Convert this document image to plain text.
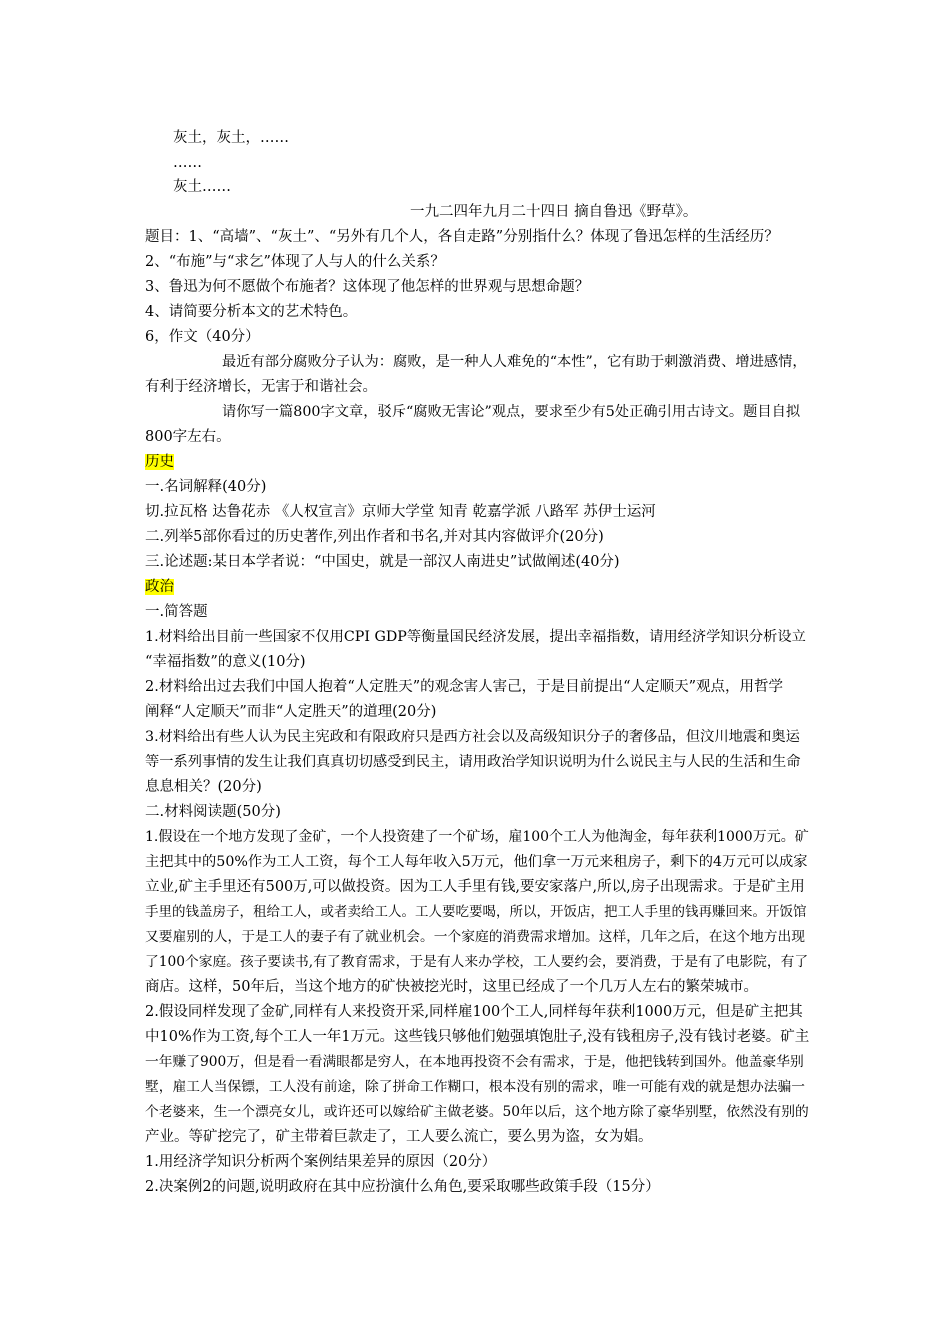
灰土，灰土，……

……

灰土……

一九二四年九月二十四日 摘自鲁迅《野草》。

题目：1、“高墙”、“灰土”、“另外有几个人，各自走路”分别指什么？体现了鲁迅怎样的生活经历？

2、“布施”与“求乞”体现了人与人的什么关系？

3、鲁迅为何不愿做个布施者？这体现了他怎样的世界观与思想命题？

4、请简要分析本文的艺术特色。

6，作文（40分）

最近有部分腐败分子认为：腐败，是一种人人难免的“本性”，它有助于刺激消费、增进感情，

有利于经济增长，无害于和谐社会。

请你写一篇800字文章，驳斥“腐败无害论”观点，要求至少有5处正确引用古诗文。题目自拟

800字左右。

历史

一.名词解释(40分)

切.拉瓦格 达鲁花赤 《人权宣言》京师大学堂 知青 乾嘉学派 八路军 苏伊士运河

二.列举5部你看过的历史著作,列出作者和书名,并对其内容做评介(20分)

三.论述题:某日本学者说：“中国史，就是一部汉人南进史”试做阐述(40分)

政治

一.简答题

1.材料给出目前一些国家不仅用CPI GDP等衡量国民经济发展，提出幸福指数，请用经济学知识分析设立

“幸福指数”的意义(10分)

2.材料给出过去我们中国人抱着“人定胜天”的观念害人害己，于是目前提出“人定顺天”观点，用哲学

阐释“人定顺天”而非“人定胜天”的道理(20分)

3.材料给出有些人认为民主宪政和有限政府只是西方社会以及高级知识分子的奢侈品，但汶川地震和奥运

等一系列事情的发生让我们真真切切感受到民主，请用政治学知识说明为什么说民主与人民的生活和生命

息息相关？(20分)

二.材料阅读题(50分)

1.假设在一个地方发现了金矿，一个人投资建了一个矿场，雇100个工人为他淘金，每年获利1000万元。矿

主把其中的50%作为工人工资，每个工人每年收入5万元，他们拿一万元来租房子，剩下的4万元可以成家

立业,矿主手里还有500万,可以做投资。因为工人手里有钱,要安家落户,所以,房子出现需求。于是矿主用

手里的钱盖房子，租给工人，或者卖给工人。工人要吃要喝，所以，开饭店，把工人手里的钱再赚回来。开饭馆

又要雇别的人，于是工人的妻子有了就业机会。一个家庭的消费需求增加。这样，几年之后，在这个地方出现

了100个家庭。孩子要读书,有了教育需求，于是有人来办学校，工人要约会，要消费，于是有了电影院，有了

商店。这样，50年后，当这个地方的矿快被挖光时，这里已经成了一个几万人左右的繁荣城市。

2.假设同样发现了金矿,同样有人来投资开采,同样雇100个工人,同样每年获利1000万元，但是矿主把其

中10%作为工资,每个工人一年1万元。这些钱只够他们勉强填饱肚子,没有钱租房子,没有钱讨老婆。矿主

一年赚了900万，但是看一看满眼都是穷人，在本地再投资不会有需求，于是，他把钱转到国外。他盖豪华别

墅，雇工人当保镖，工人没有前途，除了拼命工作糊口，根本没有别的需求，唯一可能有戏的就是想办法骗一

个老婆来，生一个漂亮女儿，或许还可以嫁给矿主做老婆。50年以后，这个地方除了豪华别墅，依然没有别的

产业。等矿挖完了，矿主带着巨款走了，工人要么流亡，要么男为盗，女为娼。

1.用经济学知识分析两个案例结果差异的原因（20分）

2.决案例2的问题,说明政府在其中应扮演什么角色,要采取哪些政策手段（15分）
